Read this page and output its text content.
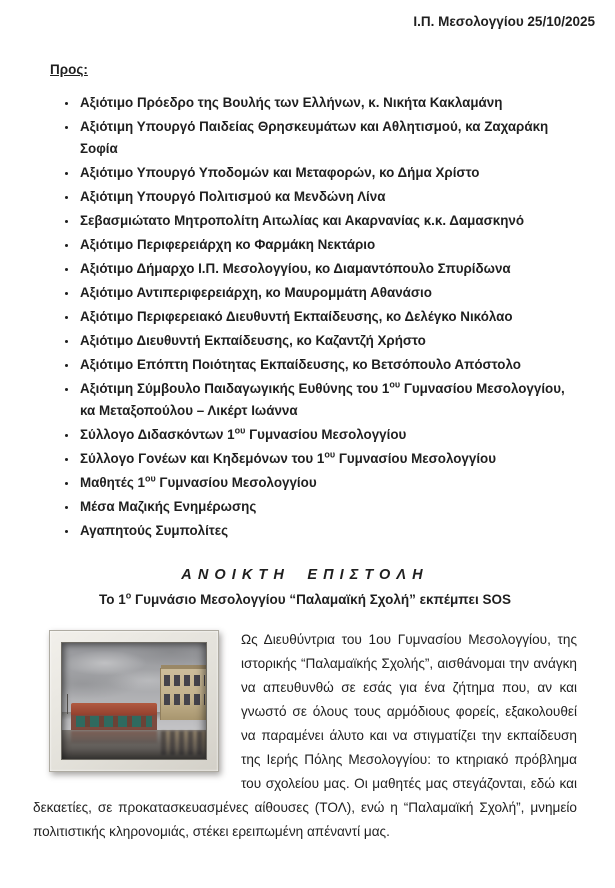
Ι.Π. Μεσολογγίου 25/10/2025
Προς:
• Αξιότιμο Πρόεδρο της Βουλής των Ελλήνων, κ. Νικήτα Κακλαμάνη
• Αξιότιμη Υπουργό Παιδείας Θρησκευμάτων και Αθλητισμού, κα Ζαχαράκη Σοφία
• Αξιότιμο Υπουργό Υποδομών και Μεταφορών, κο Δήμα Χρίστο
• Αξιότιμη Υπουργό Πολιτισμού κα Μενδώνη Λίνα
• Σεβασμιώτατο Μητροπολίτη Αιτωλίας και Ακαρνανίας κ.κ. Δαμασκηνό
• Αξιότιμο Περιφερειάρχη κο Φαρμάκη Νεκτάριο
• Αξιότιμο Δήμαρχο Ι.Π. Μεσολογγίου, κο Διαμαντόπουλο Σπυρίδωνα
• Αξιότιμο Αντιπεριφερειάρχη, κο Μαυρομμάτη Αθανάσιο
• Αξιότιμο Περιφερειακό Διευθυντή Εκπαίδευσης, κο Δελέγκο Νικόλαο
• Αξιότιμο Διευθυντή Εκπαίδευσης, κο Καζαντζή Χρήστο
• Αξιότιμο Επόπτη Ποιότητας Εκπαίδευσης, κο Βετσόπουλο Απόστολο
• Αξιότιμη Σύμβουλο Παιδαγωγικής Ευθύνης του $1^{o\upsilon}$ Γυμνασίου Μεσολογγίου,
κα Μεταξοπούλου – Λικέρτ Ιωάννα
• Σύλλογο Διδασκόντων $1^{o\upsilon}$ Γυμνασίου Μεσολογγίου
• Σύλλογο Γονέων και Κηδεμόνων του $1^{o\upsilon}$ Γυμνασίου Μεσολογγίου
• Μαθητές $1^{o\upsilon}$ Γυμνασίου Μεσολογγίου
• Μέσα Μαζικής Ενημέρωσης
• Αγαπητούς Συμπολίτες
ΑΝΟΙΚΤΗ ΕΠΙΣΤΟΛΗ
Το $1^o$ Γυμνάσιο Μεσολογγίου “Παλαμαϊκή Σχολή” εκπέμπει SOS

Ως Διευθύντρια του 1ου Γυμνασίου Μεσολογγίου, της ιστορικής “Παλαμαϊκής Σχολής”, αισθάνομαι την ανάγκη να απευθυνθώ σε εσάς για ένα ζήτημα που, αν και γνωστό σε όλους τους αρμόδιους φορείς, εξακολουθεί να παραμένει άλυτο και να στιγματίζει την εκπαίδευση της Ιερής Πόλης Μεσολογγίου: το κτηριακό πρόβλημα του σχολείου μας. Οι μαθητές μας στεγάζονται, εδώ και δεκαετίες, σε προκατασκευασμένες αίθουσες (ΤΟΛ), ενώ η “Παλαμαϊκή Σχολή”, μνημείο πολιτιστικής κληρονομιάς, στέκει ερειπωμένη απέναντί μας.
